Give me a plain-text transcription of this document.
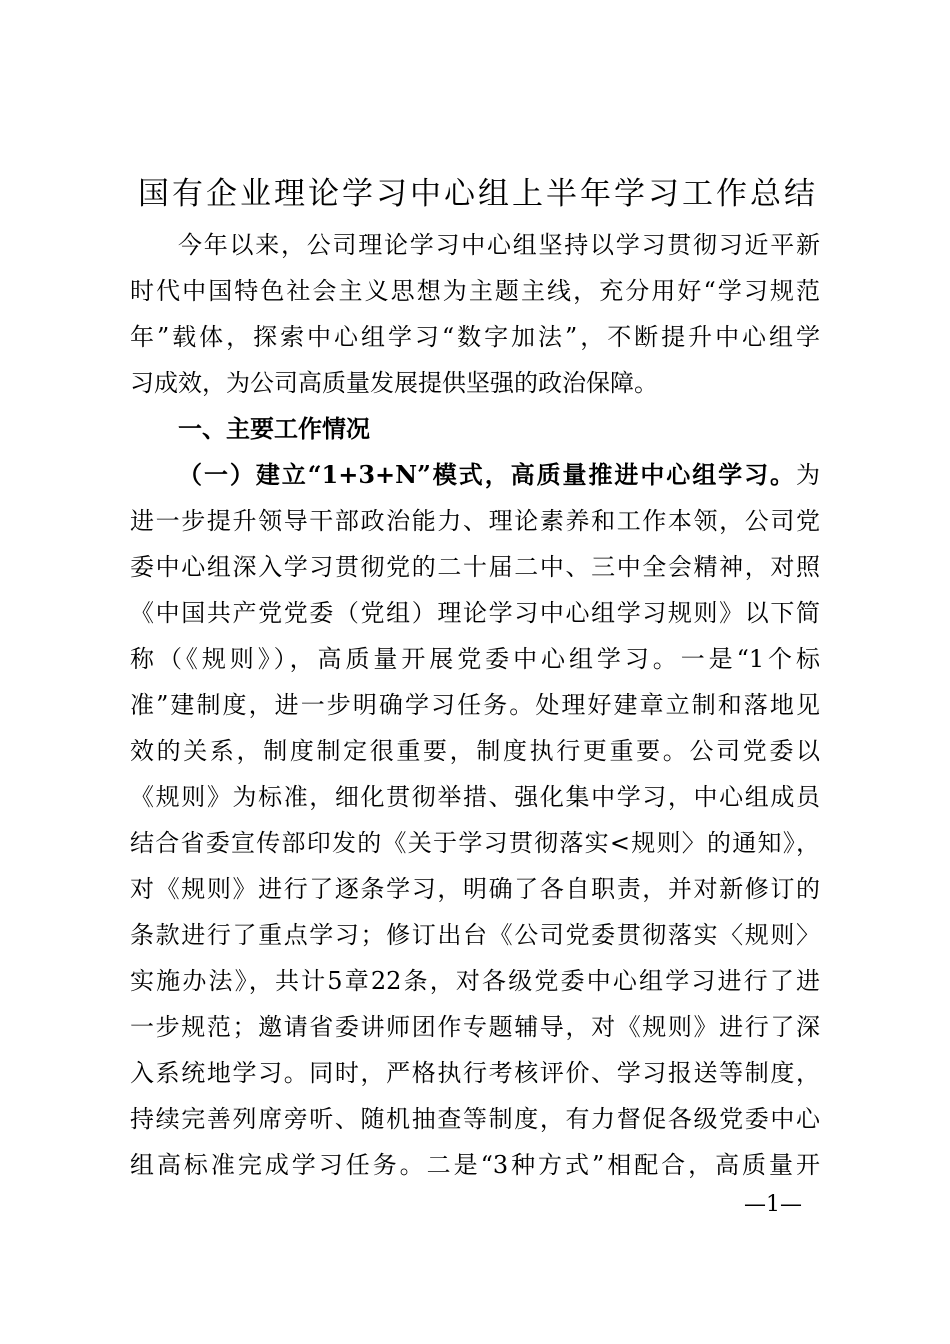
国有企业理论学习中心组上半年学习工作总结
今年以来，公司理论学习中心组坚持以学习贯彻习近平新
时代中国特色社会主义思想为主题主线，充分用好“学习规范
年”载体，探索中心组学习“数字加法”，不断提升中心组学
习成效，为公司高质量发展提供坚强的政治保障。
一、主要工作情况
（一）建立“1+3+N”模式，高质量推进中心组学习。为
进一步提升领导干部政治能力、理论素养和工作本领，公司党
委中心组深入学习贯彻党的二十届二中、三中全会精神，对照
《中国共产党党委（党组）理论学习中心组学习规则》以下简
称（《规则》），高质量开展党委中心组学习。一是“1个标
准”建制度，进一步明确学习任务。处理好建章立制和落地见
效的关系，制度制定很重要，制度执行更重要。公司党委以
《规则》为标准，细化贯彻举措、强化集中学习，中心组成员
结合省委宣传部印发的《关于学习贯彻落实<规则〉的通知》，
对《规则》进行了逐条学习，明确了各自职责，并对新修订的
条款进行了重点学习；修订出台《公司党委贯彻落实〈规则〉
实施办法》，共计5章22条，对各级党委中心组学习进行了进
一步规范；邀请省委讲师团作专题辅导，对《规则》进行了深
入系统地学习。同时，严格执行考核评价、学习报送等制度，
持续完善列席旁听、随机抽查等制度，有力督促各级党委中心
组高标准完成学习任务。二是“3种方式”相配合，高质量开
—1—
